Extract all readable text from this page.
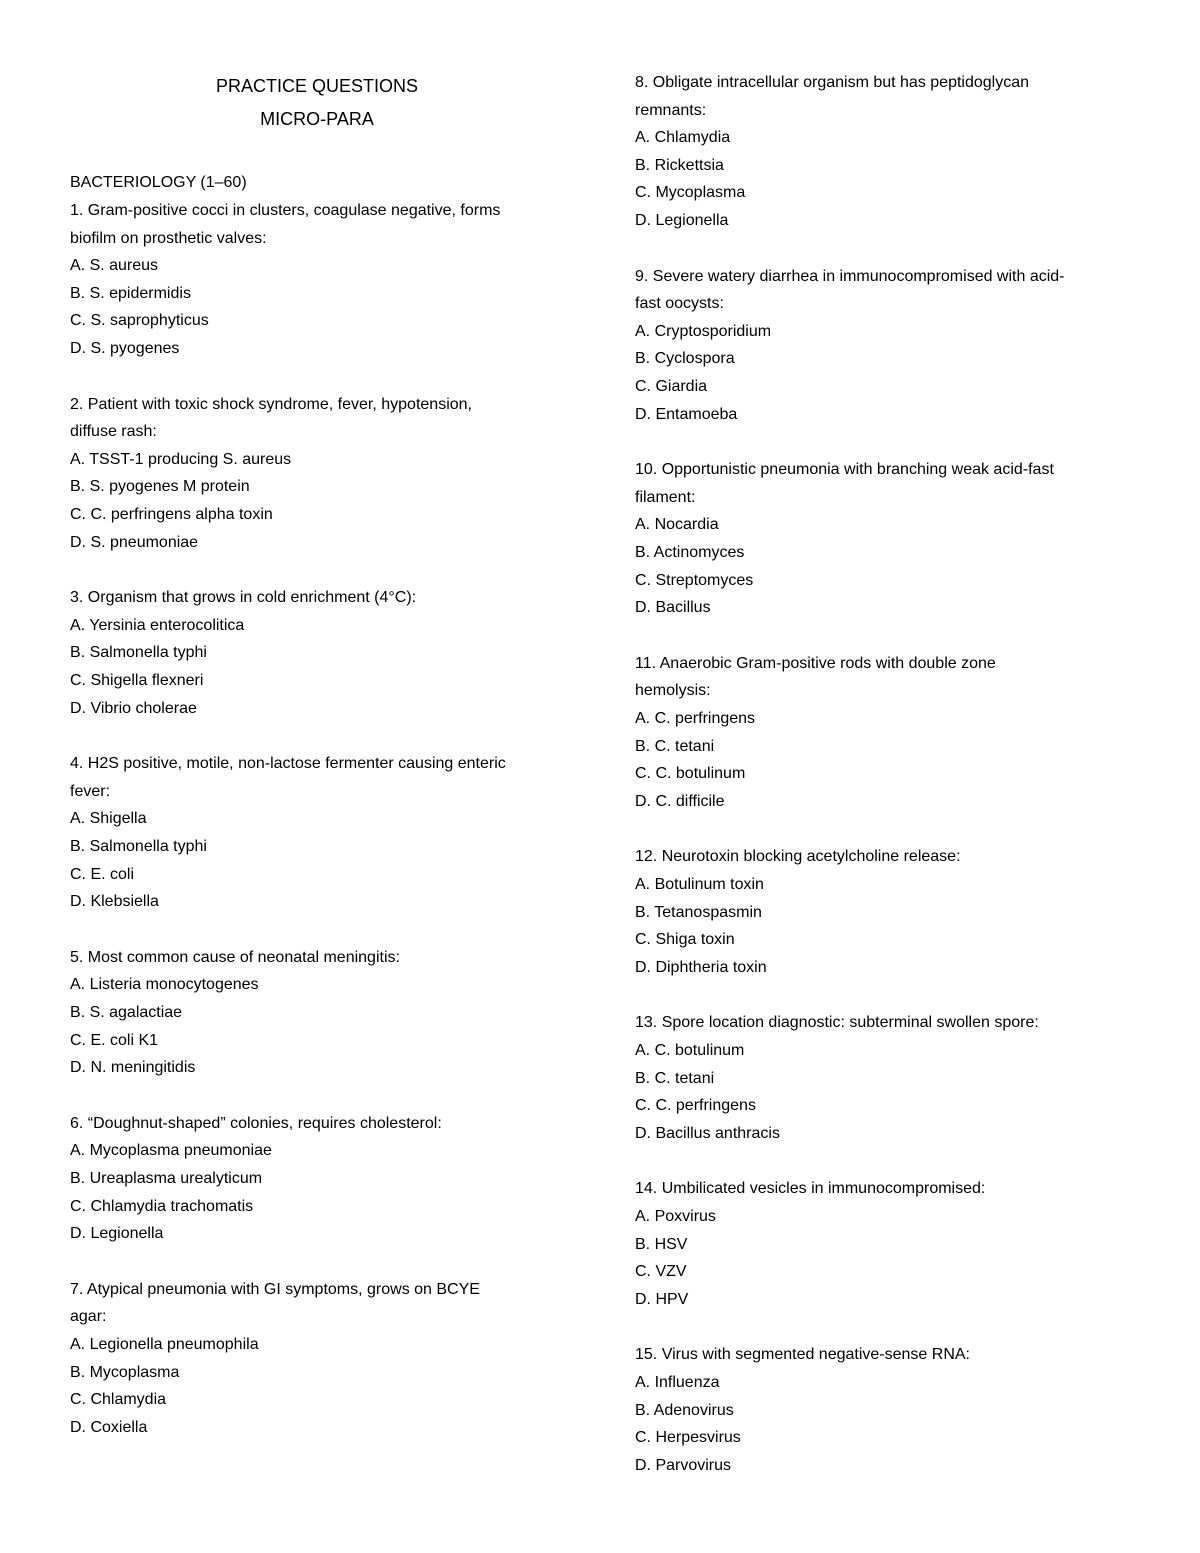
PRACTICE QUESTIONS
MICRO-PARA
BACTERIOLOGY (1–60)
1. Gram-positive cocci in clusters, coagulase negative, forms
biofilm on prosthetic valves:
A. S. aureus
B. S. epidermidis
C. S. saprophyticus
D. S. pyogenes
2. Patient with toxic shock syndrome, fever, hypotension,
diffuse rash:
A. TSST-1 producing S. aureus
B. S. pyogenes M protein
C. C. perfringens alpha toxin
D. S. pneumoniae
3. Organism that grows in cold enrichment (4°C):
A. Yersinia enterocolitica
B. Salmonella typhi
C. Shigella flexneri
D. Vibrio cholerae
4. H2S positive, motile, non-lactose fermenter causing enteric
fever:
A. Shigella
B. Salmonella typhi
C. E. coli
D. Klebsiella
5. Most common cause of neonatal meningitis:
A. Listeria monocytogenes
B. S. agalactiae
C. E. coli K1
D. N. meningitidis
6. “Doughnut-shaped” colonies, requires cholesterol:
A. Mycoplasma pneumoniae
B. Ureaplasma urealyticum
C. Chlamydia trachomatis
D. Legionella
7. Atypical pneumonia with GI symptoms, grows on BCYE
agar:
A. Legionella pneumophila
B. Mycoplasma
C. Chlamydia
D. Coxiella
8. Obligate intracellular organism but has peptidoglycan
remnants:
A. Chlamydia
B. Rickettsia
C. Mycoplasma
D. Legionella
9. Severe watery diarrhea in immunocompromised with acid-
fast oocysts:
A. Cryptosporidium
B. Cyclospora
C. Giardia
D. Entamoeba
10. Opportunistic pneumonia with branching weak acid-fast
filament:
A. Nocardia
B. Actinomyces
C. Streptomyces
D. Bacillus
11. Anaerobic Gram-positive rods with double zone
hemolysis:
A. C. perfringens
B. C. tetani
C. C. botulinum
D. C. difficile
12. Neurotoxin blocking acetylcholine release:
A. Botulinum toxin
B. Tetanospasmin
C. Shiga toxin
D. Diphtheria toxin
13. Spore location diagnostic: subterminal swollen spore:
A. C. botulinum
B. C. tetani
C. C. perfringens
D. Bacillus anthracis
14. Umbilicated vesicles in immunocompromised:
A. Poxvirus
B. HSV
C. VZV
D. HPV
15. Virus with segmented negative-sense RNA:
A. Influenza
B. Adenovirus
C. Herpesvirus
D. Parvovirus
